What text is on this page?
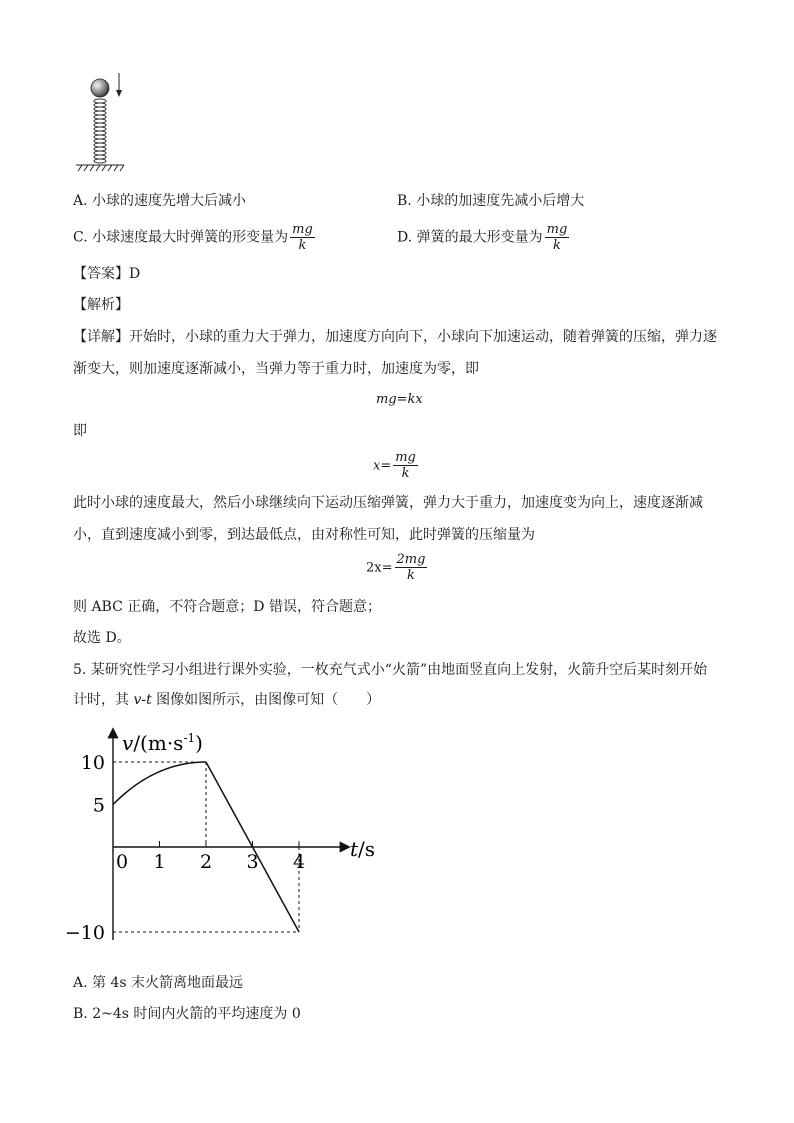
A. 小球的速度先增大后减小	B. 小球的加速度先减小后增大
C. 小球速度最大时弹簧的形变量为 $\frac{mg}{k}$	D. 弹簧的最大形变量为 $\frac{mg}{k}$
【答案】D
【解析】
【详解】开始时，小球的重力大于弹力，加速度方向向下，小球向下加速运动，随着弹簧的压缩，弹力逐
渐变大，则加速度逐渐减小，当弹力等于重力时，加速度为零，即
mg=kx
即
$x= \frac{mg}{k}$
此时小球的速度最大，然后小球继续向下运动压缩弹簧，弹力大于重力，加速度变为向上，速度逐渐减
小，直到速度减小到零，到达最低点，由对称性可知，此时弹簧的压缩量为
$2x= \frac{2mg}{k}$
则 ABC 正确，不符合题意；D 错误，符合题意；
故选 D。
5. 某研究性学习小组进行课外实验，一枚充气式小“火箭”由地面竖直向上发射，火箭升空后某时刻开始
计时，其 v-t 图像如图所示，由图像可知（　　）
$v/(m\cdot s^{-1})$
t/s
0 1 2 3 4
10
5
−10
A. 第 4s 末火箭离地面最远
B. 2~4s 时间内火箭的平均速度为 0
